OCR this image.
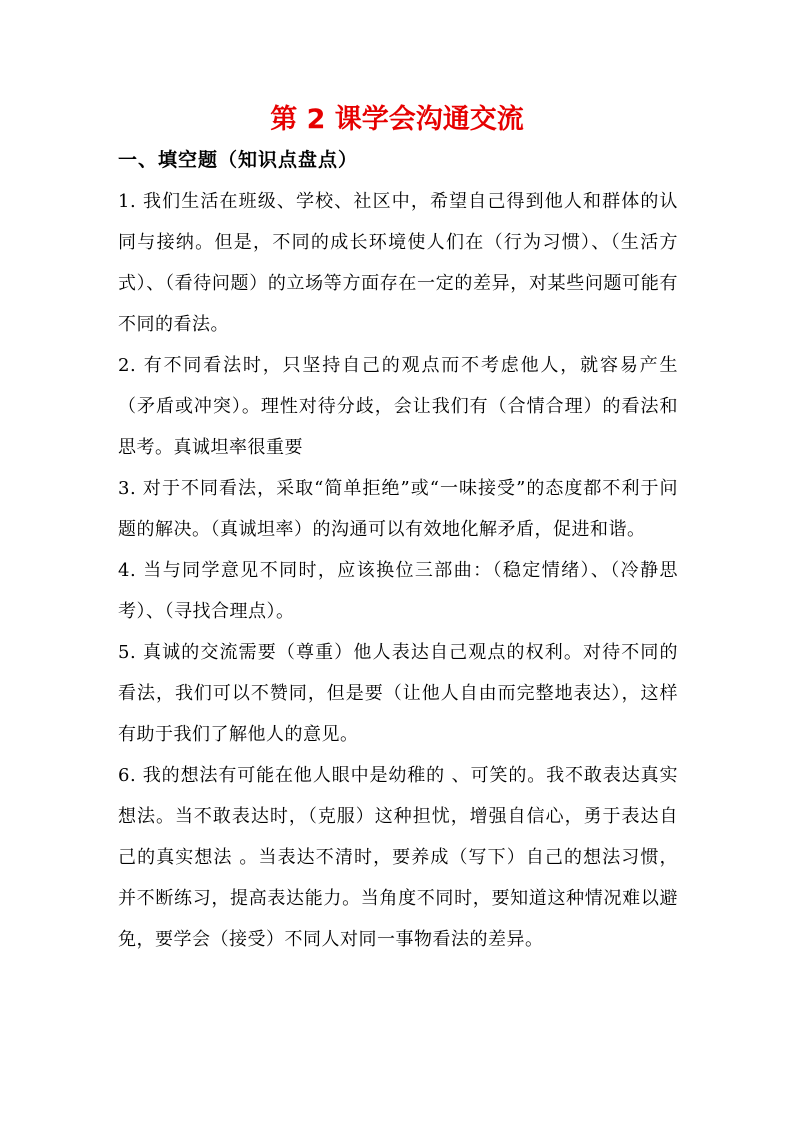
第 2 课学会沟通交流
一、填空题（知识点盘点）

1. 我们生活在班级、学校、社区中，希望自己得到他人和群体的认同与接纳。但是，不同的成长环境使人们在（行为习惯）、（生活方式）、（看待问题）的立场等方面存在一定的差异，对某些问题可能有不同的看法。

2. 有不同看法时，只坚持自己的观点而不考虑他人，就容易产生（矛盾或冲突）。理性对待分歧，会让我们有（合情合理）的看法和思考。真诚坦率很重要

3. 对于不同看法，采取“简单拒绝”或“一味接受”的态度都不利于问题的解决。（真诚坦率）的沟通可以有效地化解矛盾，促进和谐。

4. 当与同学意见不同时，应该换位三部曲：（稳定情绪）、（冷静思考）、（寻找合理点）。

5. 真诚的交流需要（尊重）他人表达自己观点的权利。对待不同的看法，我们可以不赞同，但是要（让他人自由而完整地表达），这样有助于我们了解他人的意见。

6. 我的想法有可能在他人眼中是幼稚的 、可笑的。我不敢表达真实想法。当不敢表达时，（克服）这种担忧，增强自信心，勇于表达自己的真实想法 。当表达不清时，要养成（写下）自己的想法习惯，并不断练习，提高表达能力。当角度不同时，要知道这种情况难以避免，要学会（接受）不同人对同一事物看法的差异。
